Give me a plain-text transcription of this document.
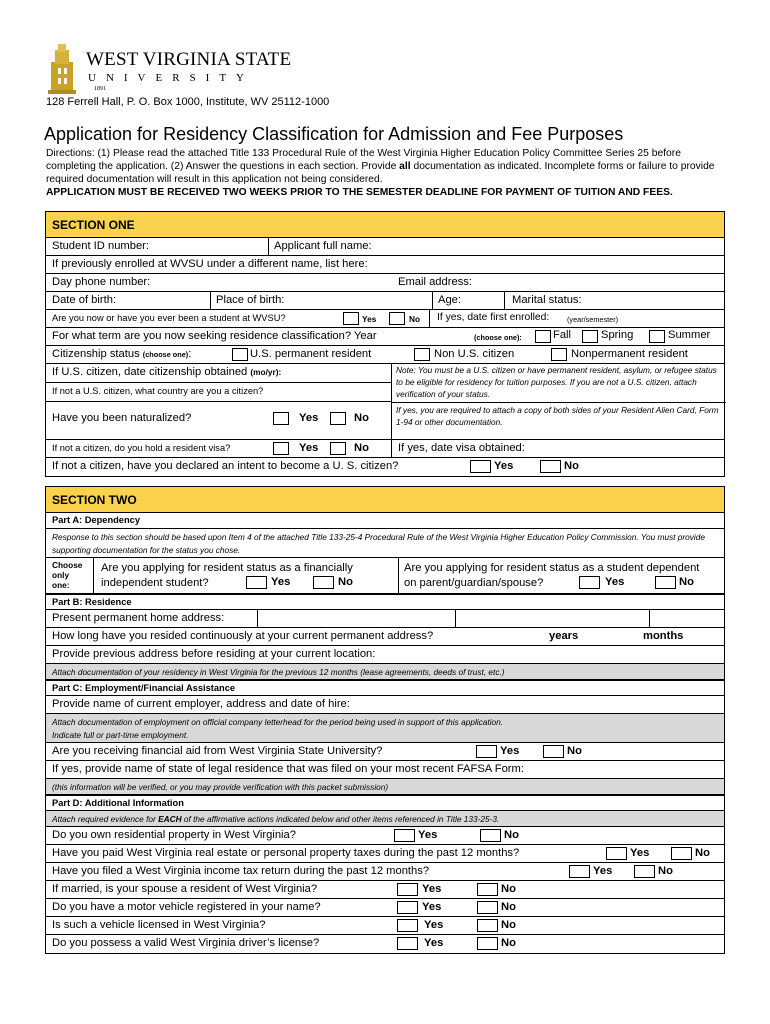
WEST VIRGINIA STATE
UNIVERSITY
1891
128 Ferrell Hall, P. O. Box 1000, Institute, WV 25112-1000
Application for Residency Classification for Admission and Fee Purposes
Directions: (1) Please read the attached Title 133 Procedural Rule of the West Virginia Higher Education Policy Committee Series 25 before completing the application. (2) Answer the questions in each section. Provide all documentation as indicated. Incomplete forms or failure to provide required documentation will result in this application not being considered.
APPLICATION MUST BE RECEIVED TWO WEEKS PRIOR TO THE SEMESTER DEADLINE FOR PAYMENT OF TUITION AND FEES.
SECTION ONE
Student ID number:	Applicant full name:
If previously enrolled at WVSU under a different name, list here:
Day phone number:	Email address:
Date of birth:	Place of birth:	Age:	Marital status:
Are you now or have you ever been a student at WVSU?	Yes	No If yes, date first enrolled: (year/semester)
For what term are you now seeking residence classification? Year	(choose one):	Fall	Spring	Summer
Citizenship status (choose one):	U.S. permanent resident	Non U.S. citizen	Nonpermanent resident
If U.S. citizen, date citizenship obtained (mo/yr):
If not a U.S. citizen, what country are you a citizen?
Have you been naturalized?	Yes	No
Note: You must be a U.S. citizen or have permanent resident, asylum, or refugee status to be eligible for residency for tuition purposes. If you are not a U.S. citizen, attach verification of your status.
If yes, you are required to attach a copy of both sides of your Resident Alien Card, Form 1-94 or other documentation.
If not a citizen, do you hold a resident visa?	Yes	No	If yes, date visa obtained:
If not a citizen, have you declared an intent to become a U. S. citizen?	Yes	No
SECTION TWO
Part A: Dependency
Response to this section should be based upon Item 4 of the attached Title 133-25-4 Procedural Rule of the West Virginia Higher Education Policy Commission. You must provide supporting documentation for the status you chose.
Choose
only
one:
Are you applying for resident status as a financially
independent student?	Yes	No
Are you applying for resident status as a student dependent
on parent/guardian/spouse?	Yes	No
Part B: Residence
Present permanent home address:
How long have you resided continuously at your current permanent address?	years	months
Provide previous address before residing at your current location:
Attach documentation of your residency in West Virginia for the previous 12 months (lease agreements, deeds of trust, etc.)
Part C: Employment/Financial Assistance
Provide name of current employer, address and date of hire:
Attach documentation of employment on official company letterhead for the period being used in support of this application.
Indicate full or part-time employment.
Are you receiving financial aid from West Virginia State University?	Yes	No
If yes, provide name of state of legal residence that was filed on your most recent FAFSA Form:
(this information will be verified, or you may provide verification with this packet submission)
Part D: Additional Information
Attach required evidence for EACH of the affirmative actions indicated below and other items referenced in Title 133-25-3.
Do you own residential property in West Virginia?	Yes	No
Have you paid West Virginia real estate or personal property taxes during the past 12 months?	Yes	No
Have you filed a West Virginia income tax return during the past 12 months?	Yes	No
If married, is your spouse a resident of West Virginia?	Yes	No
Do you have a motor vehicle registered in your name?	Yes	No
Is such a vehicle licensed in West Virginia?	Yes	No
Do you possess a valid West Virginia driver’s license?	Yes	No
